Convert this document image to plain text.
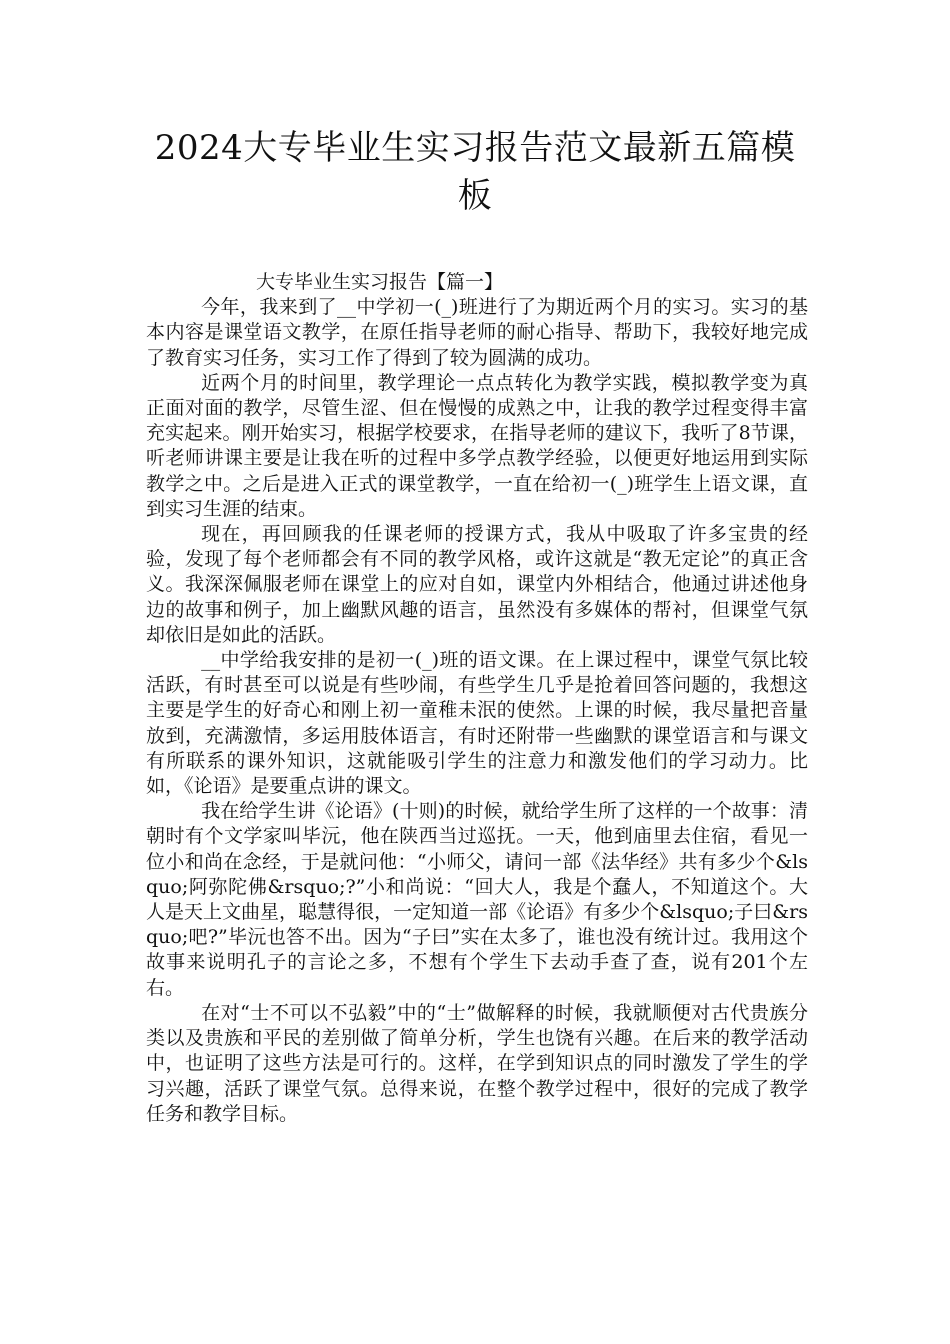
2024大专毕业生实习报告范文最新五篇模板
大专毕业生实习报告【篇一】

今年，我来到了__中学初一(_)班进行了为期近两个月的实习。实习的基本内容是课堂语文教学，在原任指导老师的耐心指导、帮助下，我较好地完成了教育实习任务，实习工作了得到了较为圆满的成功。

近两个月的时间里，教学理论一点点转化为教学实践，模拟教学变为真正面对面的教学，尽管生涩、但在慢慢的成熟之中，让我的教学过程变得丰富充实起来。刚开始实习，根据学校要求，在指导老师的建议下，我听了8节课，听老师讲课主要是让我在听的过程中多学点教学经验，以便更好地运用到实际教学之中。之后是进入正式的课堂教学，一直在给初一(_)班学生上语文课，直到实习生涯的结束。

现在，再回顾我的任课老师的授课方式，我从中吸取了许多宝贵的经验，发现了每个老师都会有不同的教学风格，或许这就是“教无定论”的真正含义。我深深佩服老师在课堂上的应对自如，课堂内外相结合，他通过讲述他身边的故事和例子，加上幽默风趣的语言，虽然没有多媒体的帮衬，但课堂气氛却依旧是如此的活跃。

__中学给我安排的是初一(_)班的语文课。在上课过程中，课堂气氛比较活跃，有时甚至可以说是有些吵闹，有些学生几乎是抢着回答问题的，我想这主要是学生的好奇心和刚上初一童稚未泯的使然。上课的时候，我尽量把音量放到，充满激情，多运用肢体语言，有时还附带一些幽默的课堂语言和与课文有所联系的课外知识，这就能吸引学生的注意力和激发他们的学习动力。比如，《论语》是要重点讲的课文。

我在给学生讲《论语》(十则)的时候，就给学生所了这样的一个故事：清朝时有个文学家叫毕沅，他在陕西当过巡抚。一天，他到庙里去住宿，看见一位小和尚在念经，于是就问他：“小师父，请问一部《法华经》共有多少个&lsquo;阿弥陀佛&rsquo;?”小和尚说：“回大人，我是个蠢人，不知道这个。大人是天上文曲星，聪慧得很，一定知道一部《论语》有多少个&lsquo;子曰&rsquo;吧?”毕沅也答不出。因为“子曰”实在太多了，谁也没有统计过。我用这个故事来说明孔子的言论之多，不想有个学生下去动手查了查，说有201个左右。

在对“士不可以不弘毅”中的“士”做解释的时候，我就顺便对古代贵族分类以及贵族和平民的差别做了简单分析，学生也饶有兴趣。在后来的教学活动中，也证明了这些方法是可行的。这样，在学到知识点的同时激发了学生的学习兴趣，活跃了课堂气氛。总得来说，在整个教学过程中，很好的完成了教学任务和教学目标。
